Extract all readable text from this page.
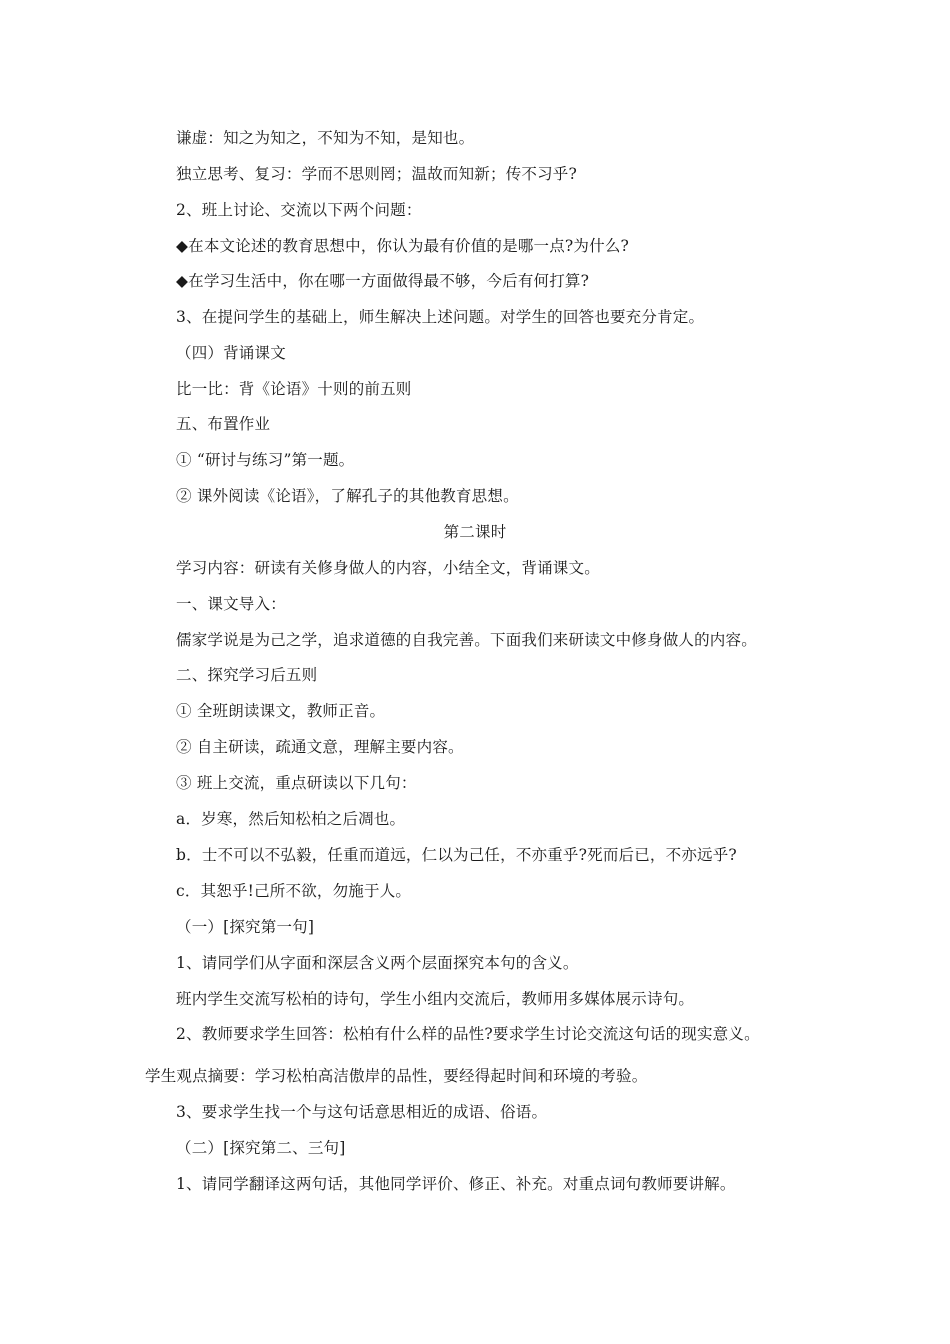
谦虚：知之为知之，不知为不知，是知也。
独立思考、复习：学而不思则罔；温故而知新；传不习乎?
2、班上讨论、交流以下两个问题：
◆在本文论述的教育思想中，你认为最有价值的是哪一点?为什么?
◆在学习生活中，你在哪一方面做得最不够，今后有何打算?
3、在提问学生的基础上，师生解决上述问题。对学生的回答也要充分肯定。
（四）背诵课文
比一比：背《论语》十则的前五则
五、布置作业
① “研讨与练习”第一题。
② 课外阅读《论语》，了解孔子的其他教育思想。
第二课时
学习内容：研读有关修身做人的内容，小结全文，背诵课文。
一、课文导入：
儒家学说是为己之学，追求道德的自我完善。下面我们来研读文中修身做人的内容。
二、探究学习后五则
① 全班朗读课文，教师正音。
② 自主研读，疏通文意，理解主要内容。
③ 班上交流，重点研读以下几句：
a．岁寒，然后知松柏之后凋也。
b．士不可以不弘毅，任重而道远，仁以为己任，不亦重乎?死而后已，不亦远乎?
c．其恕乎!己所不欲，勿施于人。
（一）[探究第一句]
1、请同学们从字面和深层含义两个层面探究本句的含义。
班内学生交流写松柏的诗句，学生小组内交流后，教师用多媒体展示诗句。
2、教师要求学生回答：松柏有什么样的品性?要求学生讨论交流这句话的现实意义。
学生观点摘要：学习松柏高洁傲岸的品性，要经得起时间和环境的考验。
3、要求学生找一个与这句话意思相近的成语、俗语。
（二）[探究第二、三句]
1、请同学翻译这两句话，其他同学评价、修正、补充。对重点词句教师要讲解。
